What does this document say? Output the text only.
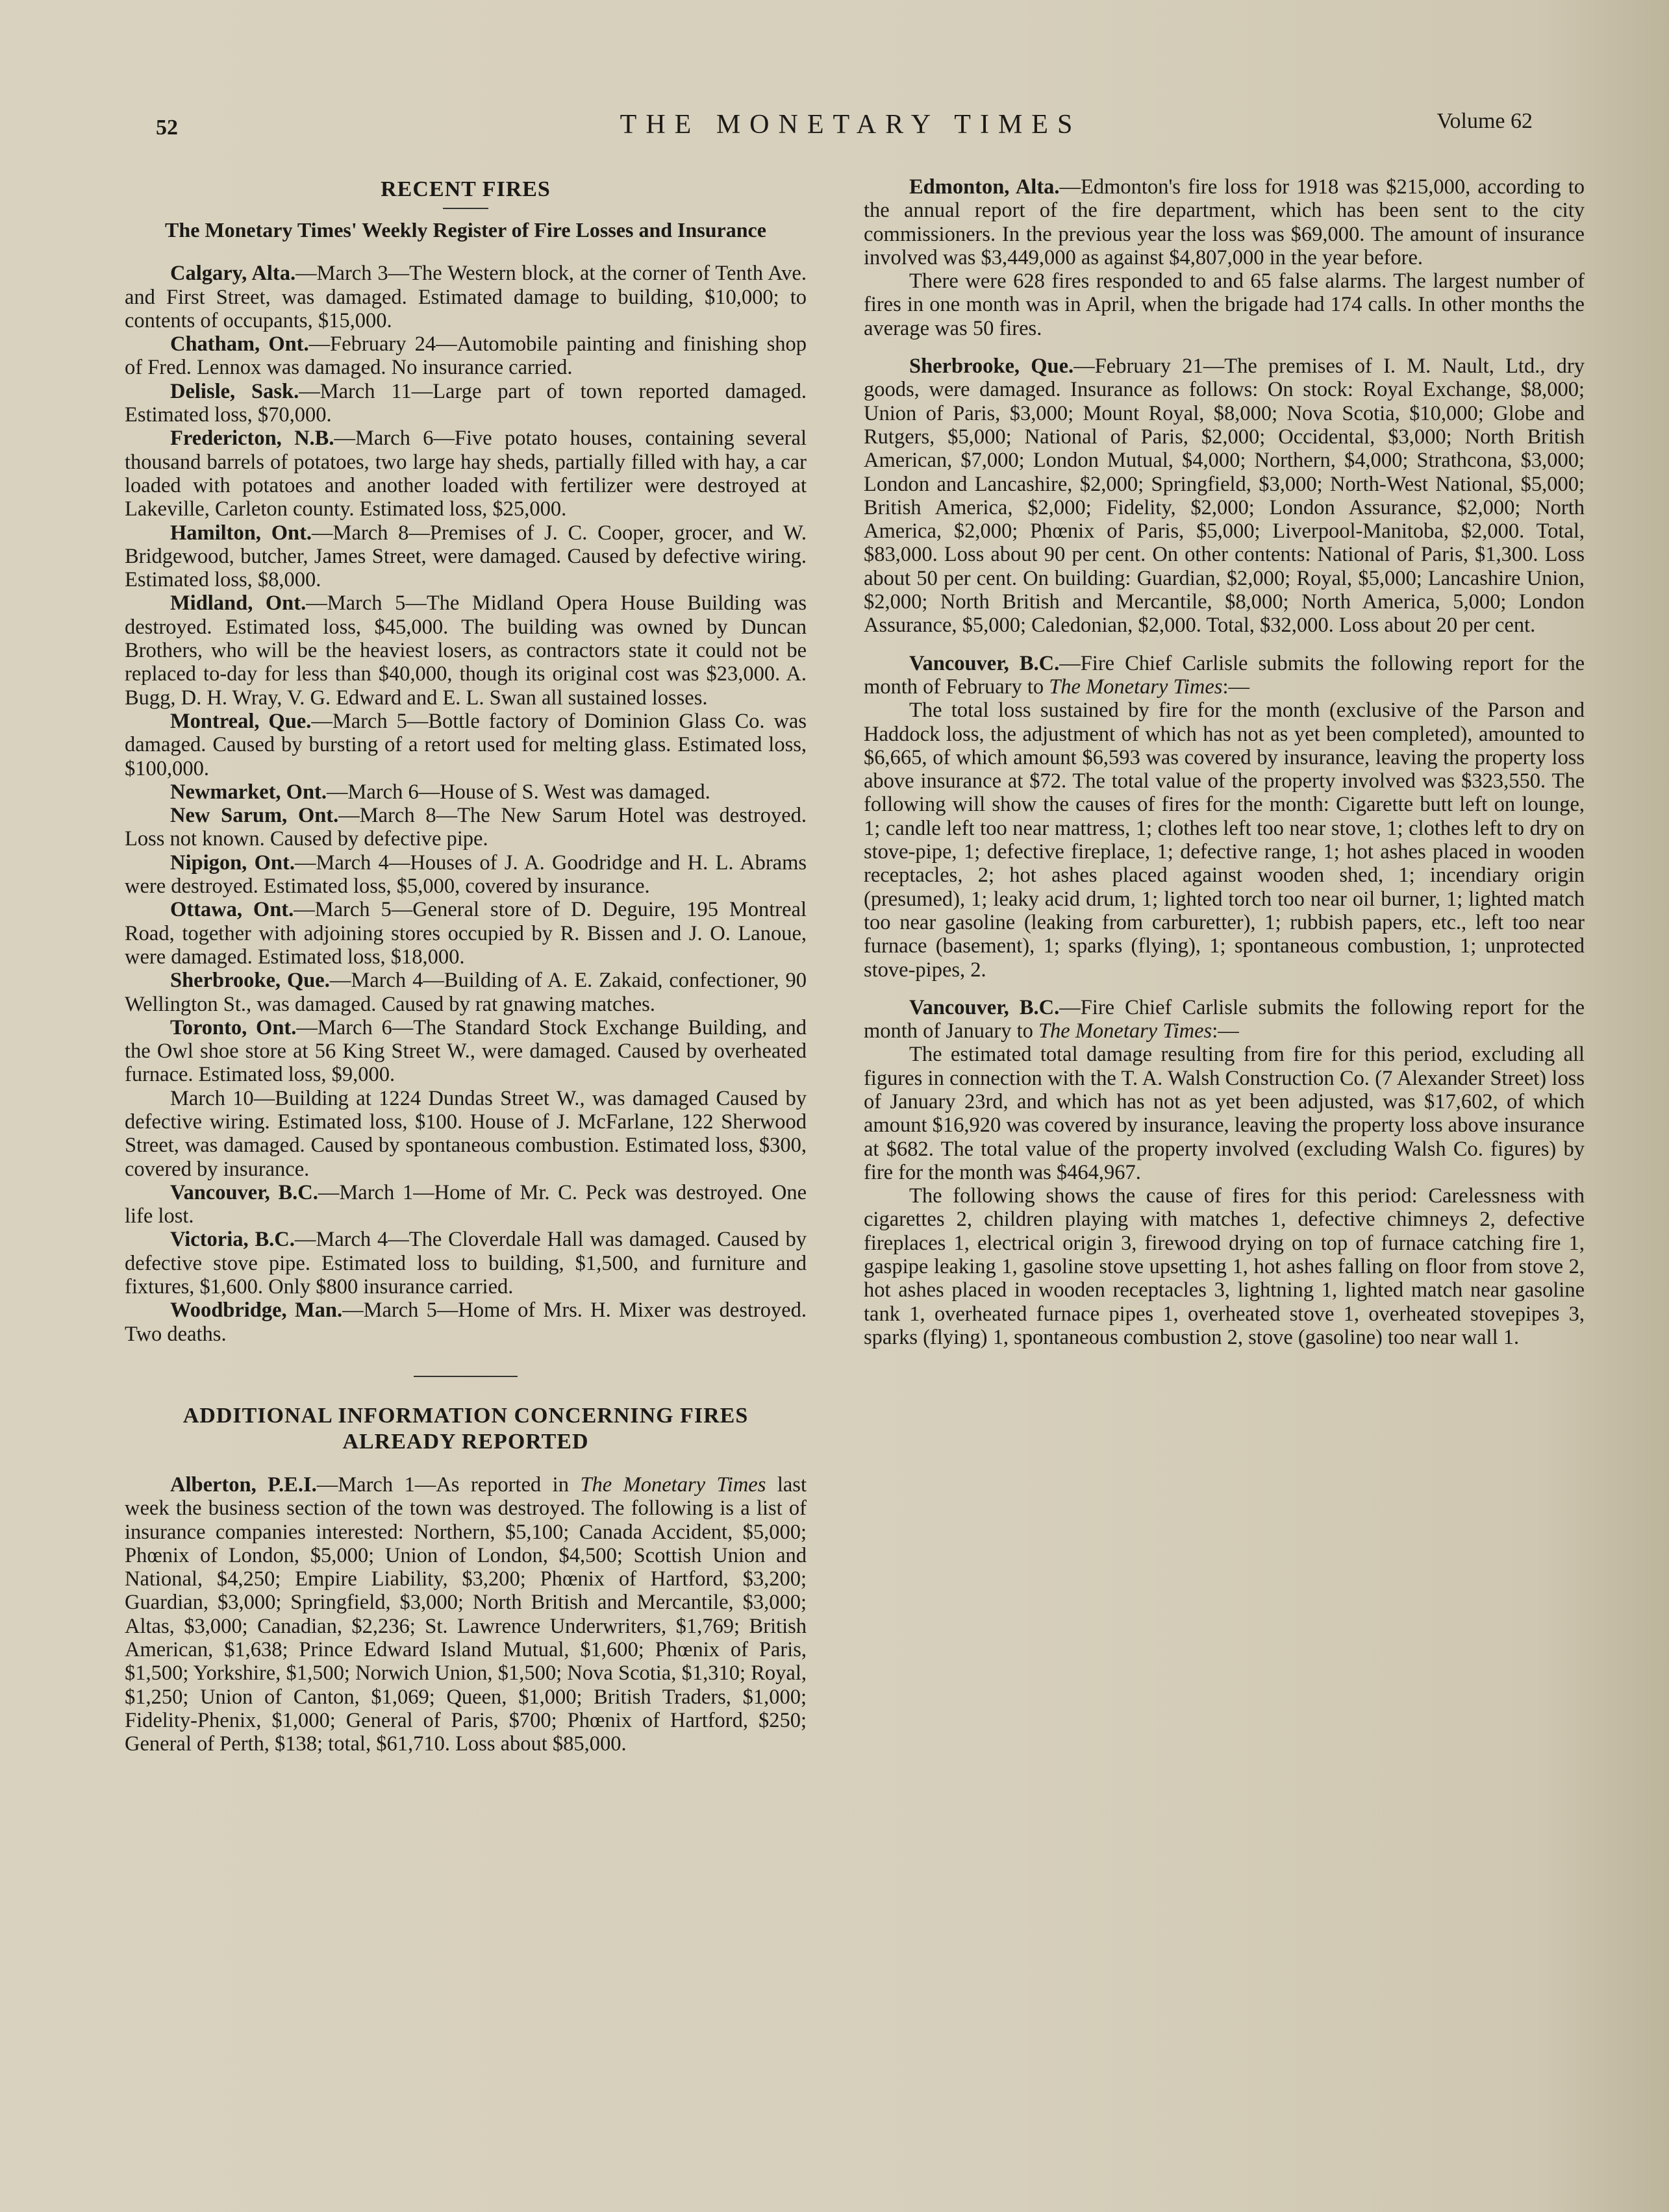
52	THE MONETARY TIMES	Volume 62
RECENT FIRES
The Monetary Times' Weekly Register of Fire Losses and Insurance

Calgary, Alta.—March 3—The Western block, at the corner of Tenth Ave. and First Street, was damaged. Estimated damage to building, $10,000; to contents of occupants, $15,000.

Chatham, Ont.—February 24—Automobile painting and finishing shop of Fred. Lennox was damaged. No insurance carried.

Delisle, Sask.—March 11—Large part of town reported damaged. Estimated loss, $70,000.

Fredericton, N.B.—March 6—Five potato houses, containing several thousand barrels of potatoes, two large hay sheds, partially filled with hay, a car loaded with potatoes and another loaded with fertilizer were destroyed at Lakeville, Carleton county. Estimated loss, $25,000.

Hamilton, Ont.—March 8—Premises of J. C. Cooper, grocer, and W. Bridgewood, butcher, James Street, were damaged. Caused by defective wiring. Estimated loss, $8,000.

Midland, Ont.—March 5—The Midland Opera House Building was destroyed. Estimated loss, $45,000. The building was owned by Duncan Brothers, who will be the heaviest losers, as contractors state it could not be replaced to-day for less than $40,000, though its original cost was $23,000. A. Bugg, D. H. Wray, V. G. Edward and E. L. Swan all sustained losses.

Montreal, Que.—March 5—Bottle factory of Dominion Glass Co. was damaged. Caused by bursting of a retort used for melting glass. Estimated loss, $100,000.

Newmarket, Ont.—March 6—House of S. West was damaged.

New Sarum, Ont.—March 8—The New Sarum Hotel was destroyed. Loss not known. Caused by defective pipe.

Nipigon, Ont.—March 4—Houses of J. A. Goodridge and H. L. Abrams were destroyed. Estimated loss, $5,000, covered by insurance.

Ottawa, Ont.—March 5—General store of D. Deguire, 195 Montreal Road, together with adjoining stores occupied by R. Bissen and J. O. Lanoue, were damaged. Estimated loss, $18,000.

Sherbrooke, Que.—March 4—Building of A. E. Zakaid, confectioner, 90 Wellington St., was damaged. Caused by rat gnawing matches.

Toronto, Ont.—March 6—The Standard Stock Exchange Building, and the Owl shoe store at 56 King Street W., were damaged. Caused by overheated furnace. Estimated loss, $9,000.

March 10—Building at 1224 Dundas Street W., was damaged Caused by defective wiring. Estimated loss, $100. House of J. McFarlane, 122 Sherwood Street, was damaged. Caused by spontaneous combustion. Estimated loss, $300, covered by insurance.

Vancouver, B.C.—March 1—Home of Mr. C. Peck was destroyed. One life lost.

Victoria, B.C.—March 4—The Cloverdale Hall was damaged. Caused by defective stove pipe. Estimated loss to building, $1,500, and furniture and fixtures, $1,600. Only $800 insurance carried.

Woodbridge, Man.—March 5—Home of Mrs. H. Mixer was destroyed. Two deaths.

ADDITIONAL INFORMATION CONCERNING FIRES ALREADY REPORTED

Alberton, P.E.I.—March 1—As reported in The Monetary Times last week the business section of the town was destroyed. The following is a list of insurance companies interested: Northern, $5,100; Canada Accident, $5,000; Phœnix of London, $5,000; Union of London, $4,500; Scottish Union and National, $4,250; Empire Liability, $3,200; Phœnix of Hartford, $3,200; Guardian, $3,000; Springfield, $3,000; North British and Mercantile, $3,000; Altas, $3,000; Canadian, $2,236; St. Lawrence Underwriters, $1,769; British American, $1,638; Prince Edward Island Mutual, $1,600; Phœnix of Paris, $1,500; Yorkshire, $1,500; Norwich Union, $1,500; Nova Scotia, $1,310; Royal, $1,250; Union of Canton, $1,069; Queen, $1,000; British Traders, $1,000; Fidelity-Phenix, $1,000; General of Paris, $700; Phœnix of Hartford, $250; General of Perth, $138; total, $61,710. Loss about $85,000.

Edmonton, Alta.—Edmonton's fire loss for 1918 was $215,000, according to the annual report of the fire department, which has been sent to the city commissioners. In the previous year the loss was $69,000. The amount of insurance involved was $3,449,000 as against $4,807,000 in the year before.

There were 628 fires responded to and 65 false alarms. The largest number of fires in one month was in April, when the brigade had 174 calls. In other months the average was 50 fires.

Sherbrooke, Que.—February 21—The premises of I. M. Nault, Ltd., dry goods, were damaged. Insurance as follows: On stock: Royal Exchange, $8,000; Union of Paris, $3,000; Mount Royal, $8,000; Nova Scotia, $10,000; Globe and Rutgers, $5,000; National of Paris, $2,000; Occidental, $3,000; North British American, $7,000; London Mutual, $4,000; Northern, $4,000; Strathcona, $3,000; London and Lancashire, $2,000; Springfield, $3,000; North-West National, $5,000; British America, $2,000; Fidelity, $2,000; London Assurance, $2,000; North America, $2,000; Phœnix of Paris, $5,000; Liverpool-Manitoba, $2,000. Total, $83,000. Loss about 90 per cent. On other contents: National of Paris, $1,300. Loss about 50 per cent. On building: Guardian, $2,000; Royal, $5,000; Lancashire Union, $2,000; North British and Mercantile, $8,000; North America, 5,000; London Assurance, $5,000; Caledonian, $2,000. Total, $32,000. Loss about 20 per cent.

Vancouver, B.C.—Fire Chief Carlisle submits the following report for the month of February to The Monetary Times:—

The total loss sustained by fire for the month (exclusive of the Parson and Haddock loss, the adjustment of which has not as yet been completed), amounted to $6,665, of which amount $6,593 was covered by insurance, leaving the property loss above insurance at $72. The total value of the property involved was $323,550. The following will show the causes of fires for the month: Cigarette butt left on lounge, 1; candle left too near mattress, 1; clothes left too near stove, 1; clothes left to dry on stove-pipe, 1; defective fireplace, 1; defective range, 1; hot ashes placed in wooden receptacles, 2; hot ashes placed against wooden shed, 1; incendiary origin (presumed), 1; leaky acid drum, 1; lighted torch too near oil burner, 1; lighted match too near gasoline (leaking from carburetter), 1; rubbish papers, etc., left too near furnace (basement), 1; sparks (flying), 1; spontaneous combustion, 1; unprotected stove-pipes, 2.

Vancouver, B.C.—Fire Chief Carlisle submits the following report for the month of January to The Monetary Times:—

The estimated total damage resulting from fire for this period, excluding all figures in connection with the T. A. Walsh Construction Co. (7 Alexander Street) loss of January 23rd, and which has not as yet been adjusted, was $17,602, of which amount $16,920 was covered by insurance, leaving the property loss above insurance at $682. The total value of the property involved (excluding Walsh Co. figures) by fire for the month was $464,967.

The following shows the cause of fires for this period: Carelessness with cigarettes 2, children playing with matches 1, defective chimneys 2, defective fireplaces 1, electrical origin 3, firewood drying on top of furnace catching fire 1, gaspipe leaking 1, gasoline stove upsetting 1, hot ashes falling on floor from stove 2, hot ashes placed in wooden receptacles 3, lightning 1, lighted match near gasoline tank 1, overheated furnace pipes 1, overheated stove 1, overheated stovepipes 3, sparks (flying) 1, spontaneous combustion 2, stove (gasoline) too near wall 1.
